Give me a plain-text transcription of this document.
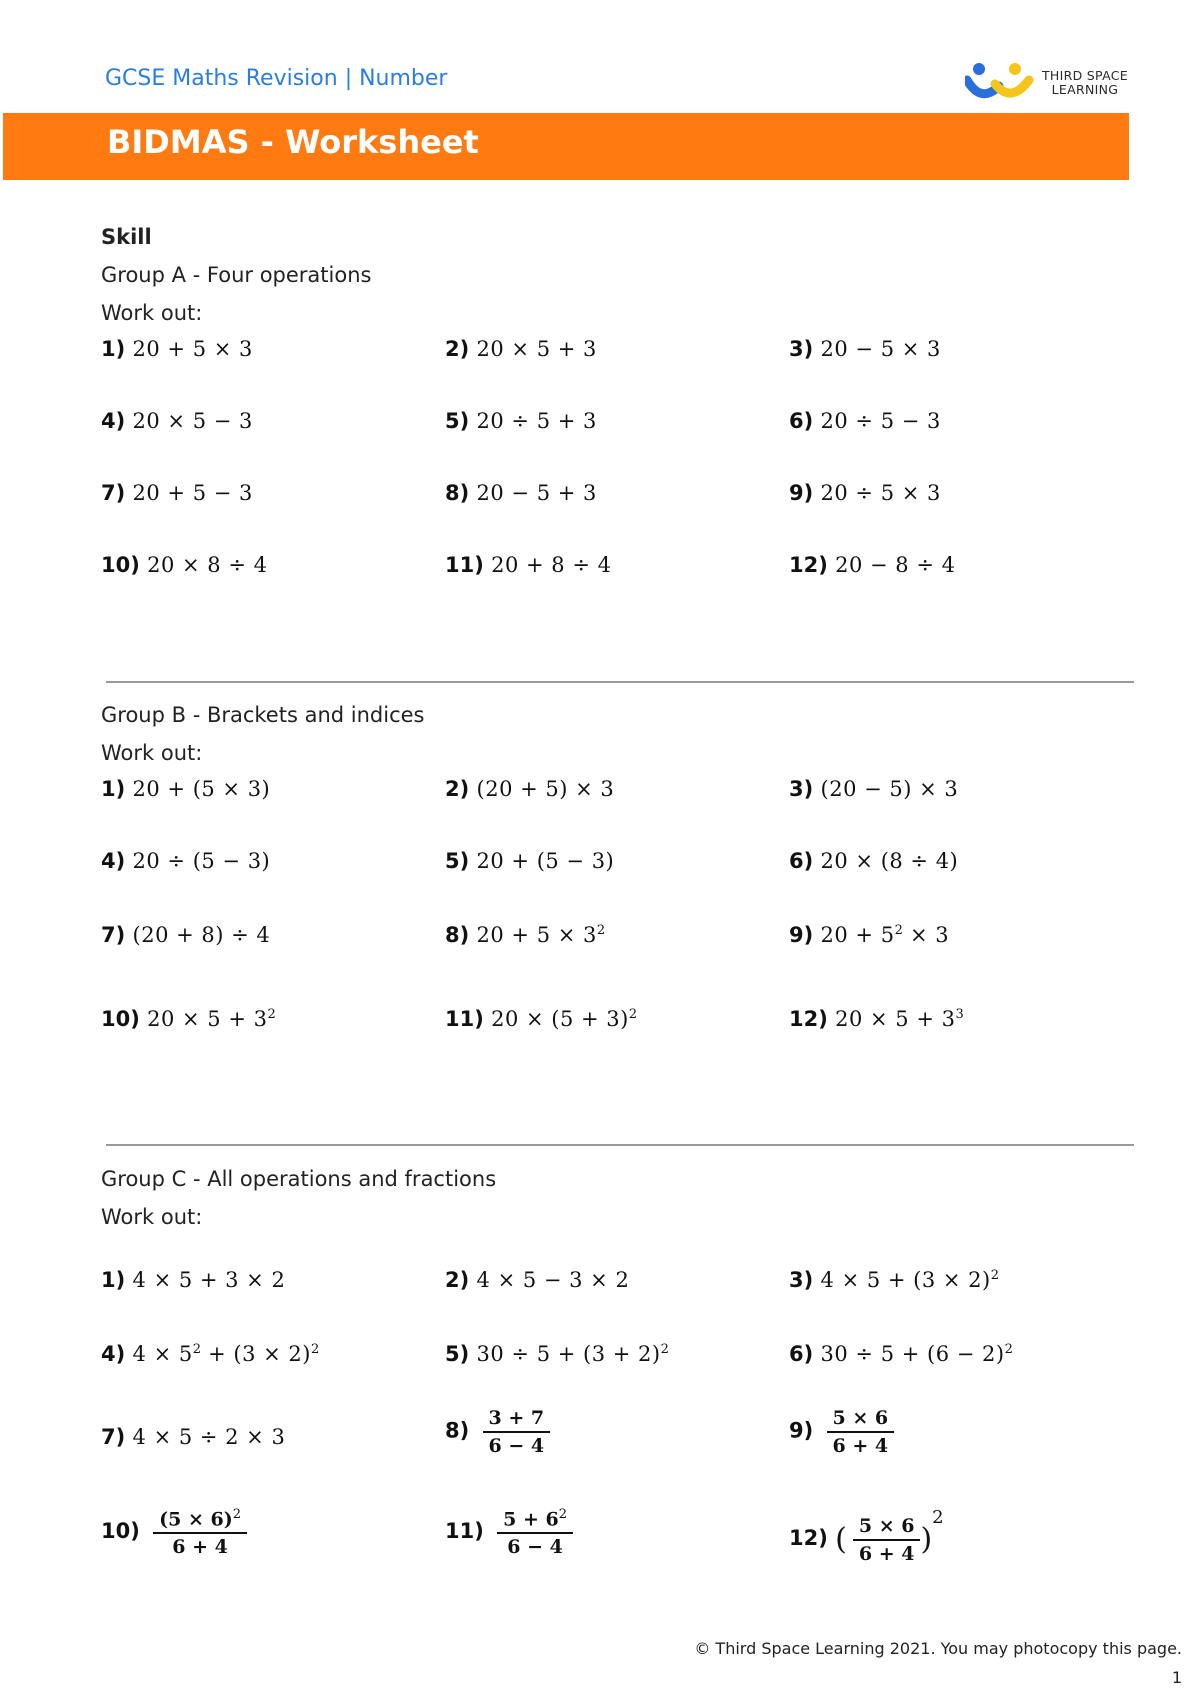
GCSE Maths Revision | Number	THIRD SPACE
LEARNING
BIDMAS - Worksheet
Skill
Group A - Four operations
Work out:
1) 20 + 5 × 3	2) 20 × 5 + 3	3) 20 − 5 × 3
4) 20 × 5 − 3	5) 20 ÷ 5 + 3	6) 20 ÷ 5 − 3
7) 20 + 5 − 3	8) 20 − 5 + 3	9) 20 ÷ 5 × 3
10) 20 × 8 ÷ 4	11) 20 + 8 ÷ 4	12) 20 − 8 ÷ 4
Group B - Brackets and indices
Work out:
1) 20 + (5 × 3)	2) (20 + 5) × 3	3) (20 − 5) × 3
4) 20 ÷ (5 − 3)	5) 20 + (5 − 3)	6) 20 × (8 ÷ 4)
7) (20 + 8) ÷ 4	8) $20 + 5 \times 3^2$	9) $20 + 5^2 \times 3$
10) $20 \times 5 + 3^2$	11) $20 \times (5 + 3)^2$	12) $20 \times 5 + 3^3$
Group C - All operations and fractions
Work out:
1) 4 × 5 + 3 × 2	2) 4 × 5 − 3 × 2	3) $4 \times 5 + (3 \times 2)^2$
4) $4 \times 5^2 + (3 \times 2)^2$	5) $30 \div 5 + (3 + 2)^2$	6) $30 \div 5 + (6 - 2)^2$
7) 4 × 5 ÷ 2 × 3	$8) \frac{3 + 7}{6 - 4}$	$9) \frac{5 \times 6}{6 + 4}$
$10) \frac{(5 \times 6)^2}{6 + 4}$	$11) \frac{5 + 6^2}{6 - 4}$	12) ( $\frac{5 \times 6}{6 + 4} )^2$
© Third Space Learning 2021. You may photocopy this page.
1
